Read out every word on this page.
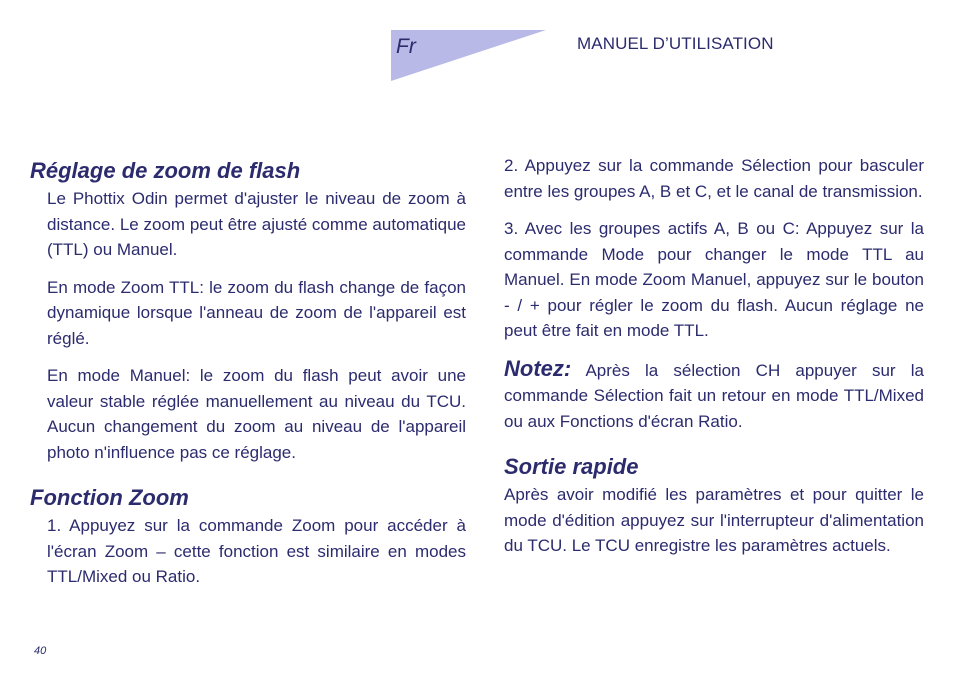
Fr	MANUEL D’UTILISATION
Réglage de zoom de flash

Le Phottix Odin permet d'ajuster le niveau de zoom à distance. Le zoom peut être ajusté comme automatique (TTL) ou Manuel.

En mode Zoom TTL: le zoom du flash change de façon dynamique lorsque l'anneau de zoom de l'appareil est réglé.

En mode Manuel: le zoom du flash peut avoir une valeur stable réglée manuellement au niveau du TCU. Aucun changement du zoom au niveau de l'appareil photo n'influence pas ce réglage.

Fonction Zoom

1. Appuyez sur la commande Zoom pour accéder à l'écran Zoom – cette fonction est similaire en modes TTL/Mixed ou Ratio.

2. Appuyez sur la commande Sélection pour basculer entre les groupes A, B et C, et le canal de transmission.

3. Avec les groupes actifs A, B ou C: Appuyez sur la commande Mode pour changer le mode TTL au Manuel. En mode Zoom Manuel, appuyez sur le bouton - / + pour régler le zoom du flash. Aucun réglage ne peut être fait en mode TTL.

Notez: Après la sélection CH appuyer sur la commande Sélection fait un retour en mode TTL/Mixed ou aux Fonctions d'écran Ratio.

Sortie rapide

Après avoir modifié les paramètres et pour quitter le mode d'édition appuyez sur l'interrupteur d'alimentation du TCU. Le TCU enregistre les paramètres actuels.

40
